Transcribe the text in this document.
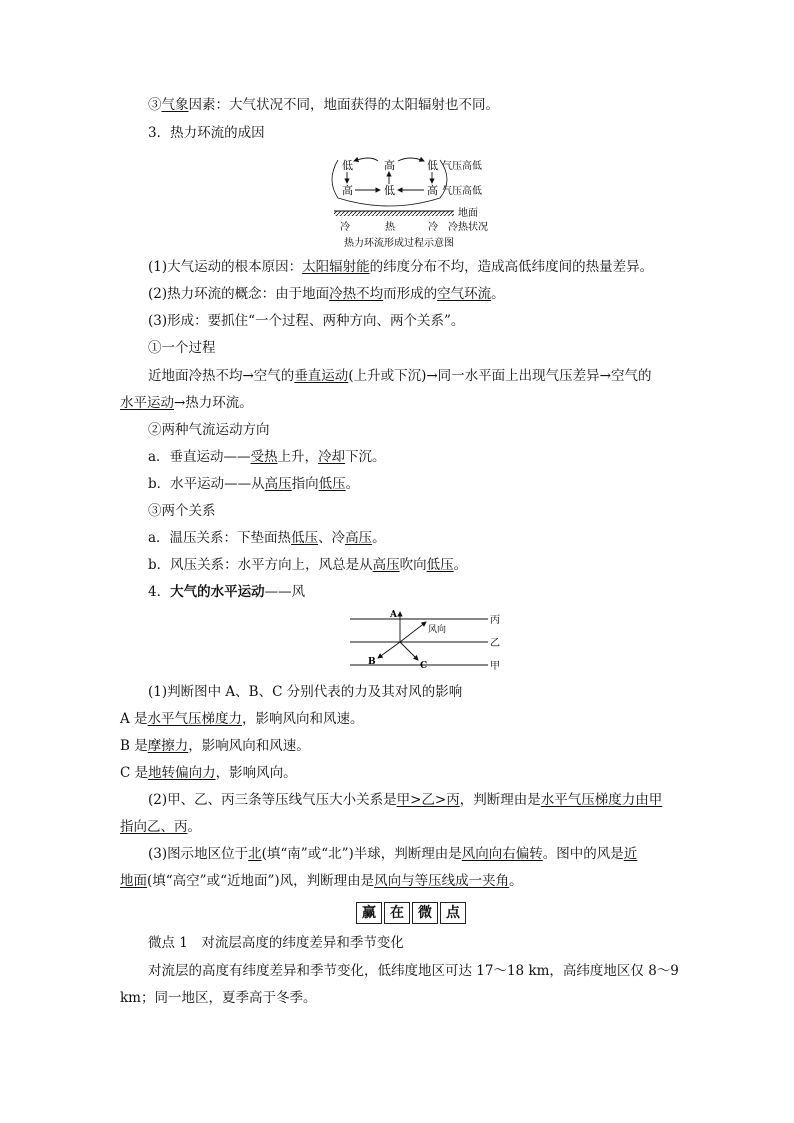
③气象因素：大气状况不同，地面获得的太阳辐射也不同。
3．热力环流的成因
低	高	低 气压高低
高	低	高 气压高低
地面
冷	热	冷 冷热状况
热力环流形成过程示意图
(1)大气运动的根本原因：太阳辐射能的纬度分布不均，造成高低纬度间的热量差异。
(2)热力环流的概念：由于地面冷热不均而形成的空气环流。
(3)形成：要抓住“一个过程、两种方向、两个关系”。
①一个过程
近地面冷热不均→空气的垂直运动(上升或下沉)→同一水平面上出现气压差异→空气的
水平运动→热力环流。
②两种气流运动方向
a．垂直运动——受热上升，冷却下沉。
b．水平运动——从高压指向低压。
③两个关系
a．温压关系：下垫面热低压、冷高压。
b．风压关系：水平方向上，风总是从高压吹向低压。
4．大气的水平运动——风
丙
乙
甲
A
风向
B	C
(1)判断图中 A、B、C 分别代表的力及其对风的影响
A 是水平气压梯度力，影响风向和风速。
B 是摩擦力，影响风向和风速。
C 是地转偏向力，影响风向。
(2)甲、乙、丙三条等压线气压大小关系是甲>乙>丙，判断理由是水平气压梯度力由甲
指向乙、丙。
(3)图示地区位于北(填“南”或“北”)半球，判断理由是风向向右偏转。图中的风是近
地面(填“高空”或“近地面”)风，判断理由是风向与等压线成一夹角。
赢	在	微	点
微点 1　对流层高度的纬度差异和季节变化
对流层的高度有纬度差异和季节变化，低纬度地区可达 17～18 km，高纬度地区仅 8～9
km；同一地区，夏季高于冬季。
